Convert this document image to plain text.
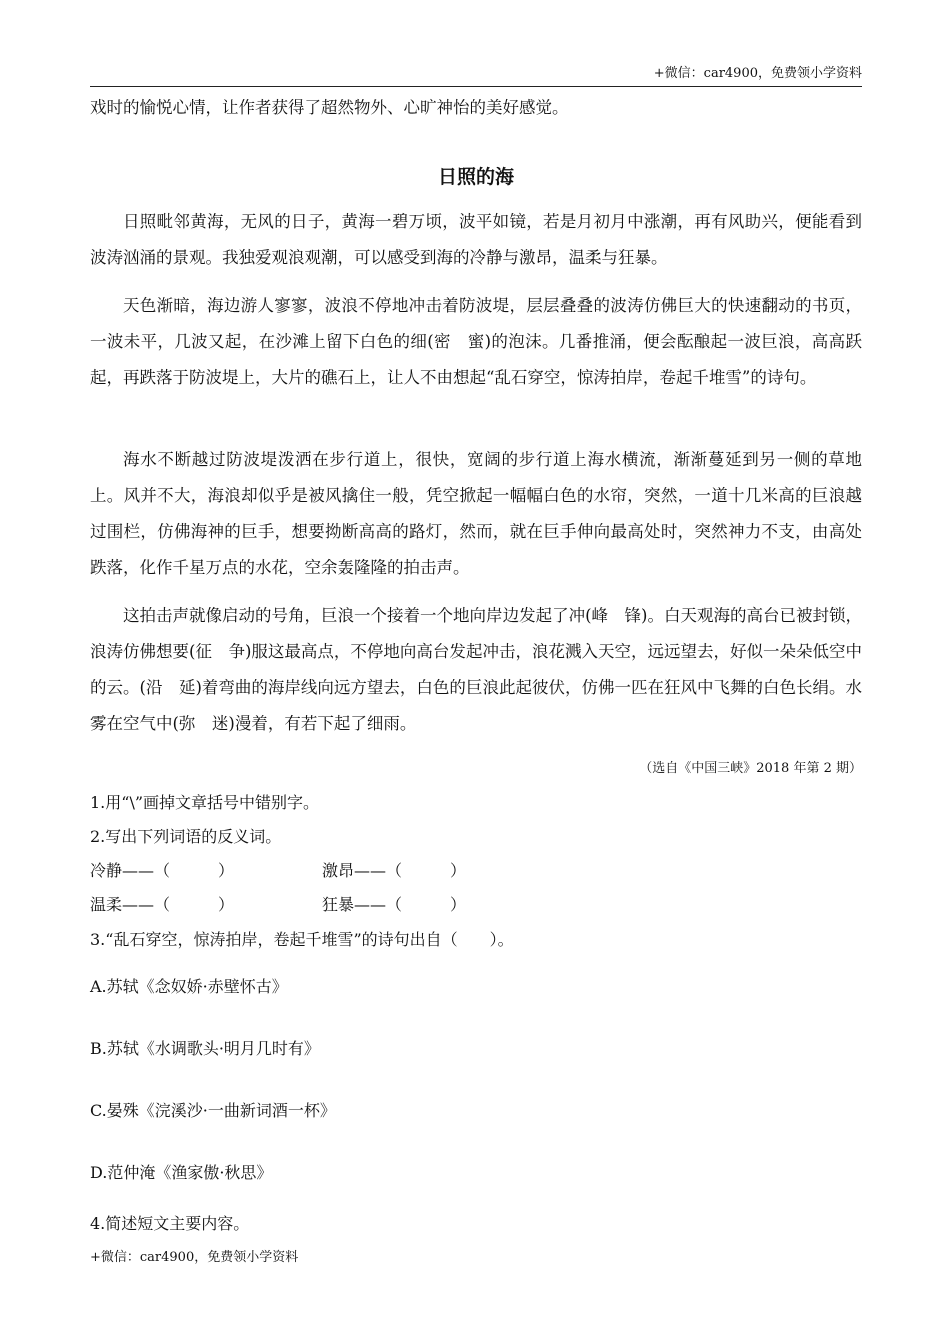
+微信：car4900，免费领小学资料

戏时的愉悦心情，让作者获得了超然物外、心旷神怡的美好感觉。

日照的海

日照毗邻黄海，无风的日子，黄海一碧万顷，波平如镜，若是月初月中涨潮，再有风助兴，便能看到波涛汹涌的景观。我独爱观浪观潮，可以感受到海的冷静与激昂，温柔与狂暴。

天色渐暗，海边游人寥寥，波浪不停地冲击着防波堤，层层叠叠的波涛仿佛巨大的快速翻动的书页，一波未平，几波又起，在沙滩上留下白色的细(密　蜜)的泡沫。几番推涌，便会酝酿起一波巨浪，高高跃起，再跌落于防波堤上，大片的礁石上，让人不由想起“乱石穿空，惊涛拍岸，卷起千堆雪”的诗句。

海水不断越过防波堤泼洒在步行道上，很快，宽阔的步行道上海水横流，渐渐蔓延到另一侧的草地上。风并不大，海浪却似乎是被风擒住一般，凭空掀起一幅幅白色的水帘，突然，一道十几米高的巨浪越过围栏，仿佛海神的巨手，想要拗断高高的路灯，然而，就在巨手伸向最高处时，突然神力不支，由高处跌落，化作千星万点的水花，空余轰隆隆的拍击声。

这拍击声就像启动的号角，巨浪一个接着一个地向岸边发起了冲(峰　锋)。白天观海的高台已被封锁，浪涛仿佛想要(征　争)服这最高点，不停地向高台发起冲击，浪花溅入天空，远远望去，好似一朵朵低空中的云。(沿　延)着弯曲的海岸线向远方望去，白色的巨浪此起彼伏，仿佛一匹在狂风中飞舞的白色长绢。水雾在空气中(弥　迷)漫着，有若下起了细雨。

（选自《中国三峡》2018 年第 2 期）
1.用“\”画掉文章括号中错别字。
2.写出下列词语的反义词。
冷静——（　　　）	激昂——（　　　）
温柔——（　　　）	狂暴——（　　　）
3.“乱石穿空，惊涛拍岸，卷起千堆雪”的诗句出自（　　）。
A.苏轼《念奴娇·赤壁怀古》
B.苏轼《水调歌头·明月几时有》
C.晏殊《浣溪沙·一曲新词酒一杯》
D.范仲淹《渔家傲·秋思》
4.简述短文主要内容。
+微信：car4900，免费领小学资料
